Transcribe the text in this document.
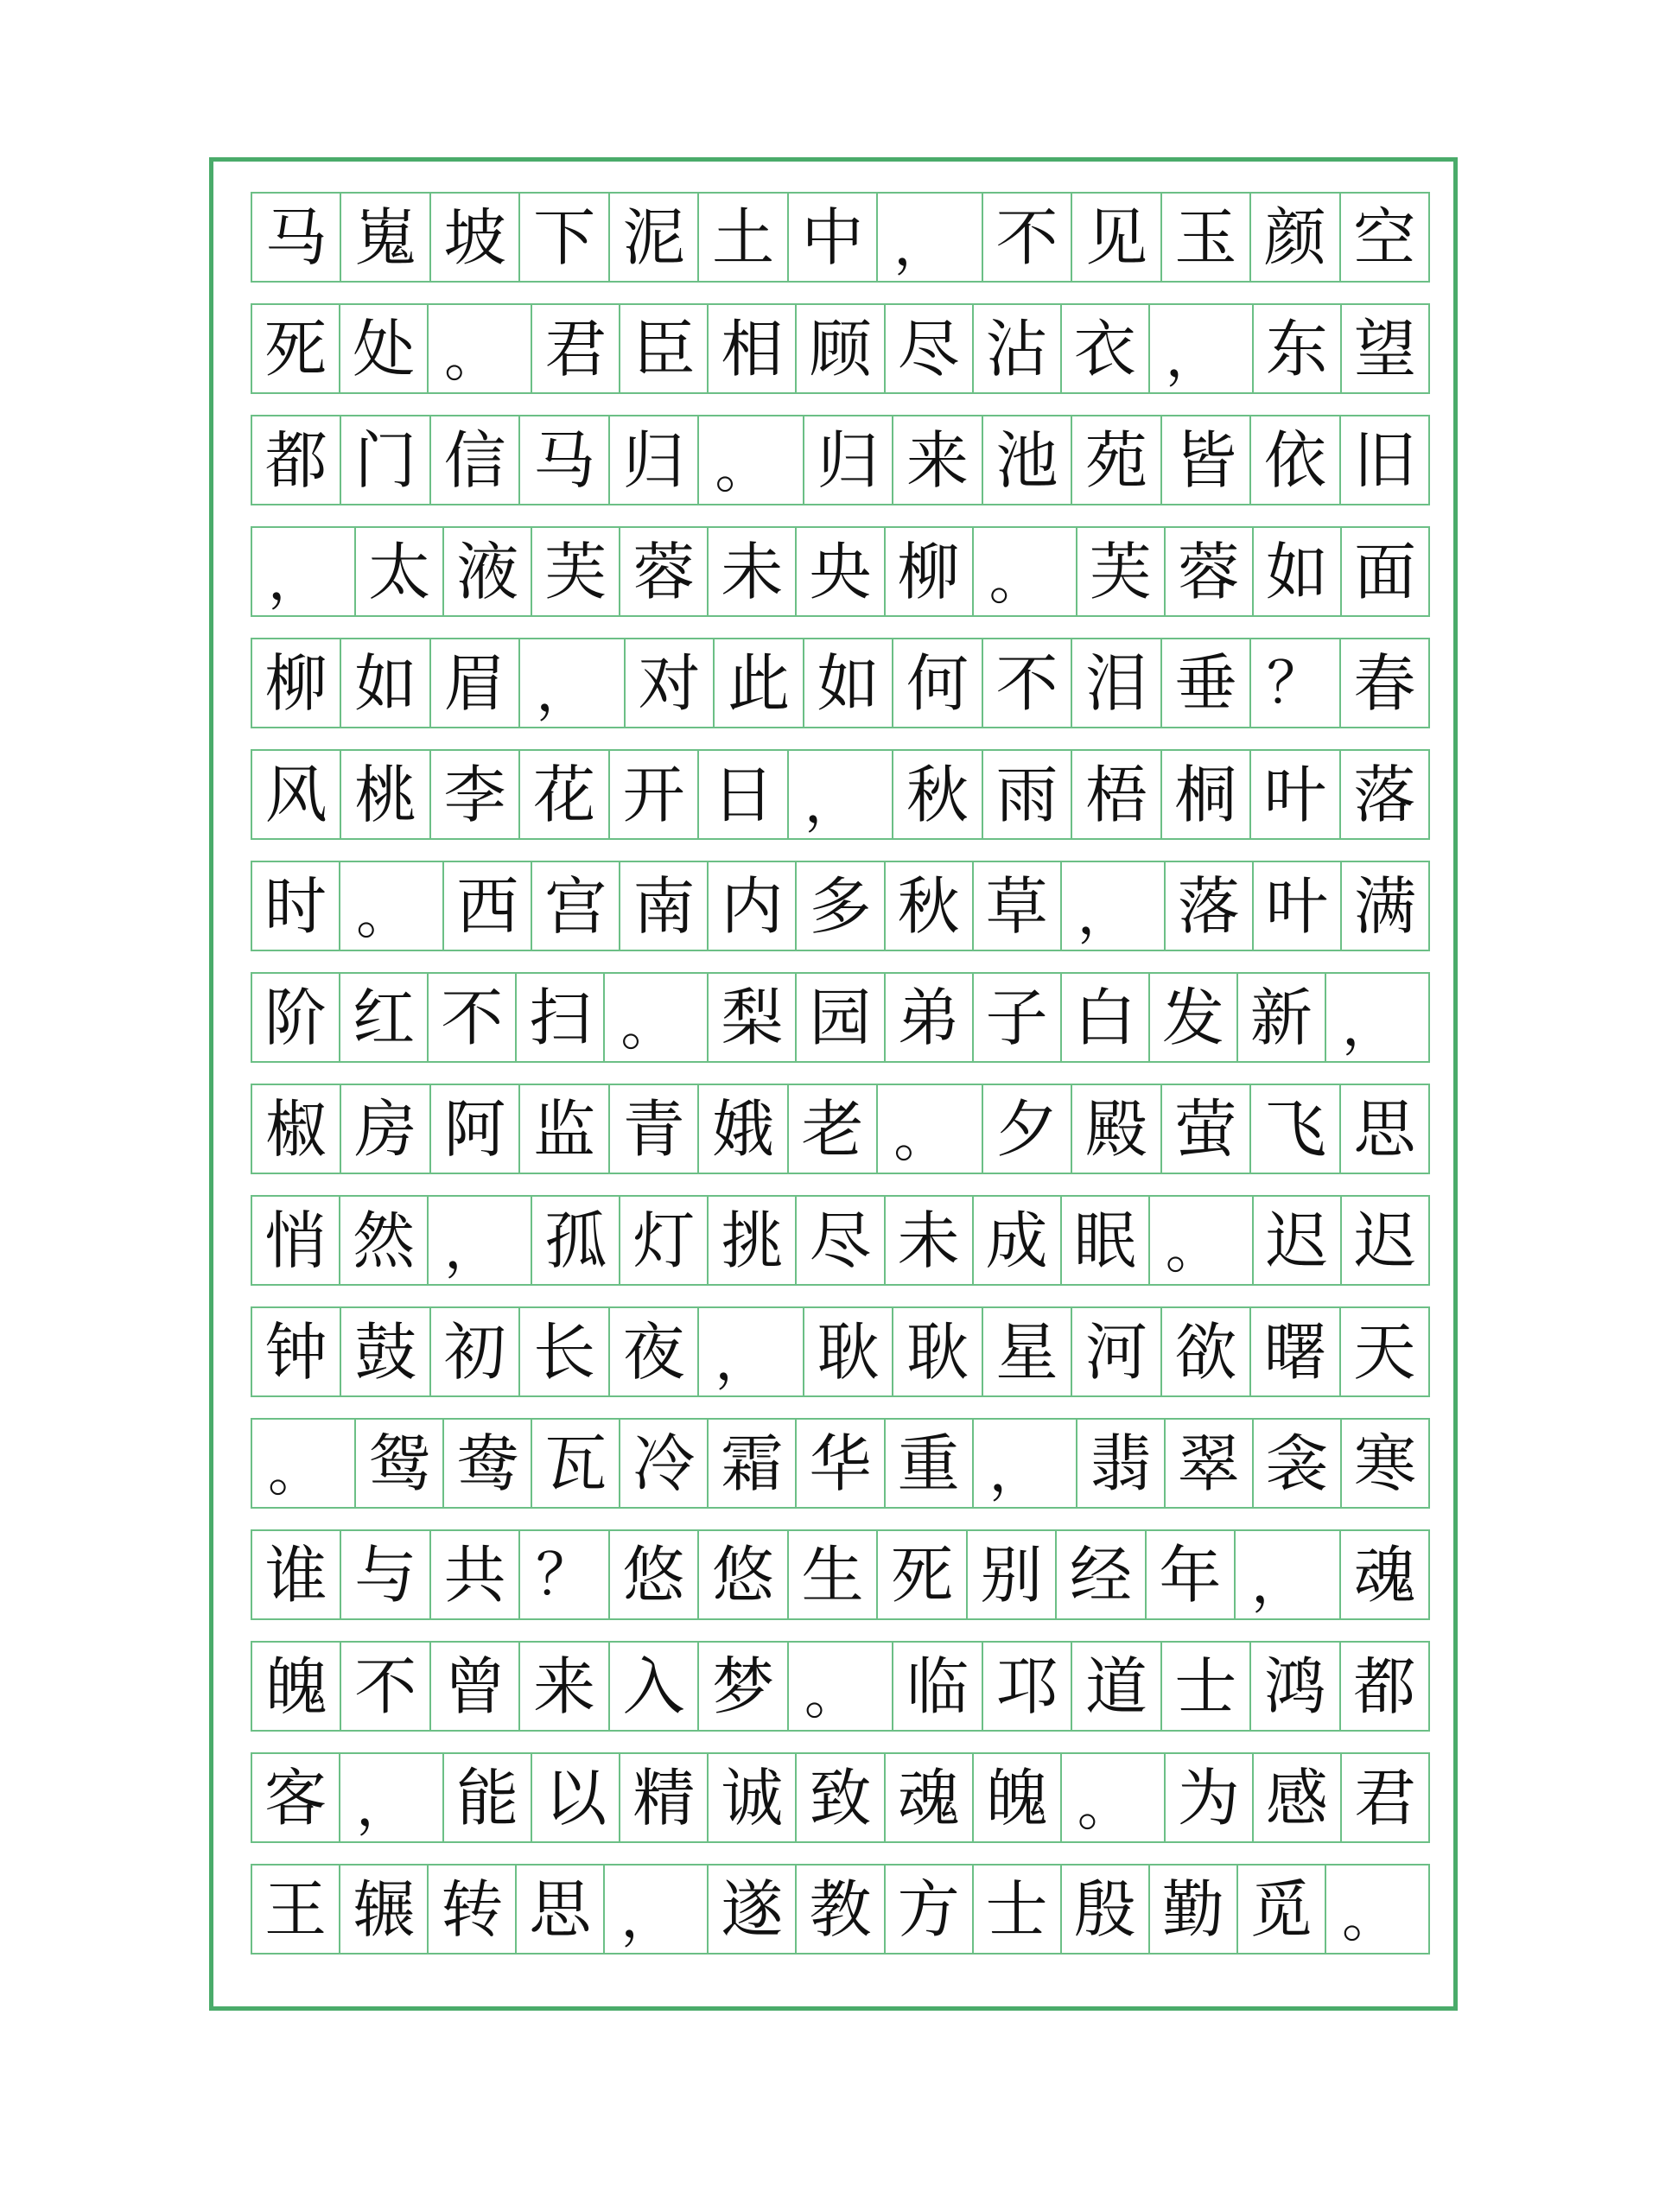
马 嵬 坡 下 泥 土 中 ， 不 见 玉 颜 空
死 处 。 君 臣 相 顾 尽 沾 衣 ， 东 望
都 门 信 马 归 。 归 来 池 苑 皆 依 旧
， 太 液 芙 蓉 未 央 柳 。 芙 蓉 如 面
柳 如 眉 ， 对 此 如 何 不 泪 垂 ？ 春
风 桃 李 花 开 日 ， 秋 雨 梧 桐 叶 落
时 。 西 宫 南 内 多 秋 草 ， 落 叶 满
阶 红 不 扫 。 梨 园 弟 子 白 发 新 ，
椒 房 阿 监 青 娥 老 。 夕 殿 萤 飞 思
悄 然 ， 孤 灯 挑 尽 未 成 眠 。 迟 迟
钟 鼓 初 长 夜 ， 耿 耿 星 河 欲 曙 天
。 鸳 鸯 瓦 冷 霜 华 重 ， 翡 翠 衾 寒
谁 与 共 ？ 悠 悠 生 死 别 经 年 ， 魂
魄 不 曾 来 入 梦 。 临 邛 道 士 鸿 都
客 ， 能 以 精 诚 致 魂 魄 。 为 感 君
王 辗 转 思 ， 遂 教 方 士 殷 勤 觅 。
